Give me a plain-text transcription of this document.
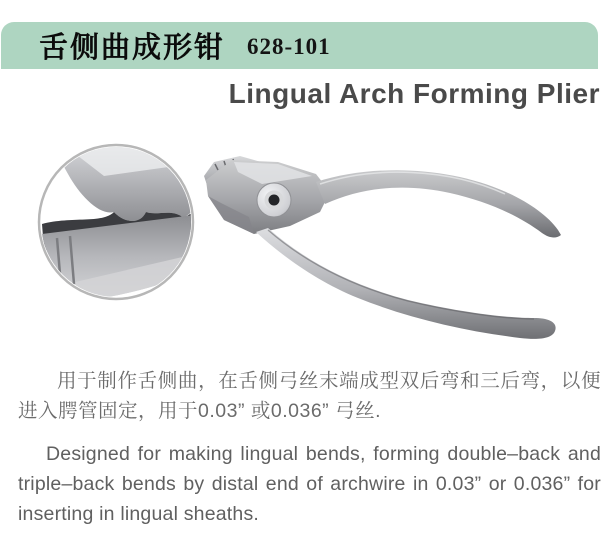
舌侧曲成形钳 628-101
Lingual Arch Forming Plier

用于制作舌侧曲，在舌侧弓丝末端成型双后弯和三后弯，以便进入腭管固定，用于0.03” 或0.036” 弓丝.

Designed for making lingual bends, forming double–back and triple–back bends by distal end of archwire in 0.03” or 0.036” for inserting in lingual sheaths.
